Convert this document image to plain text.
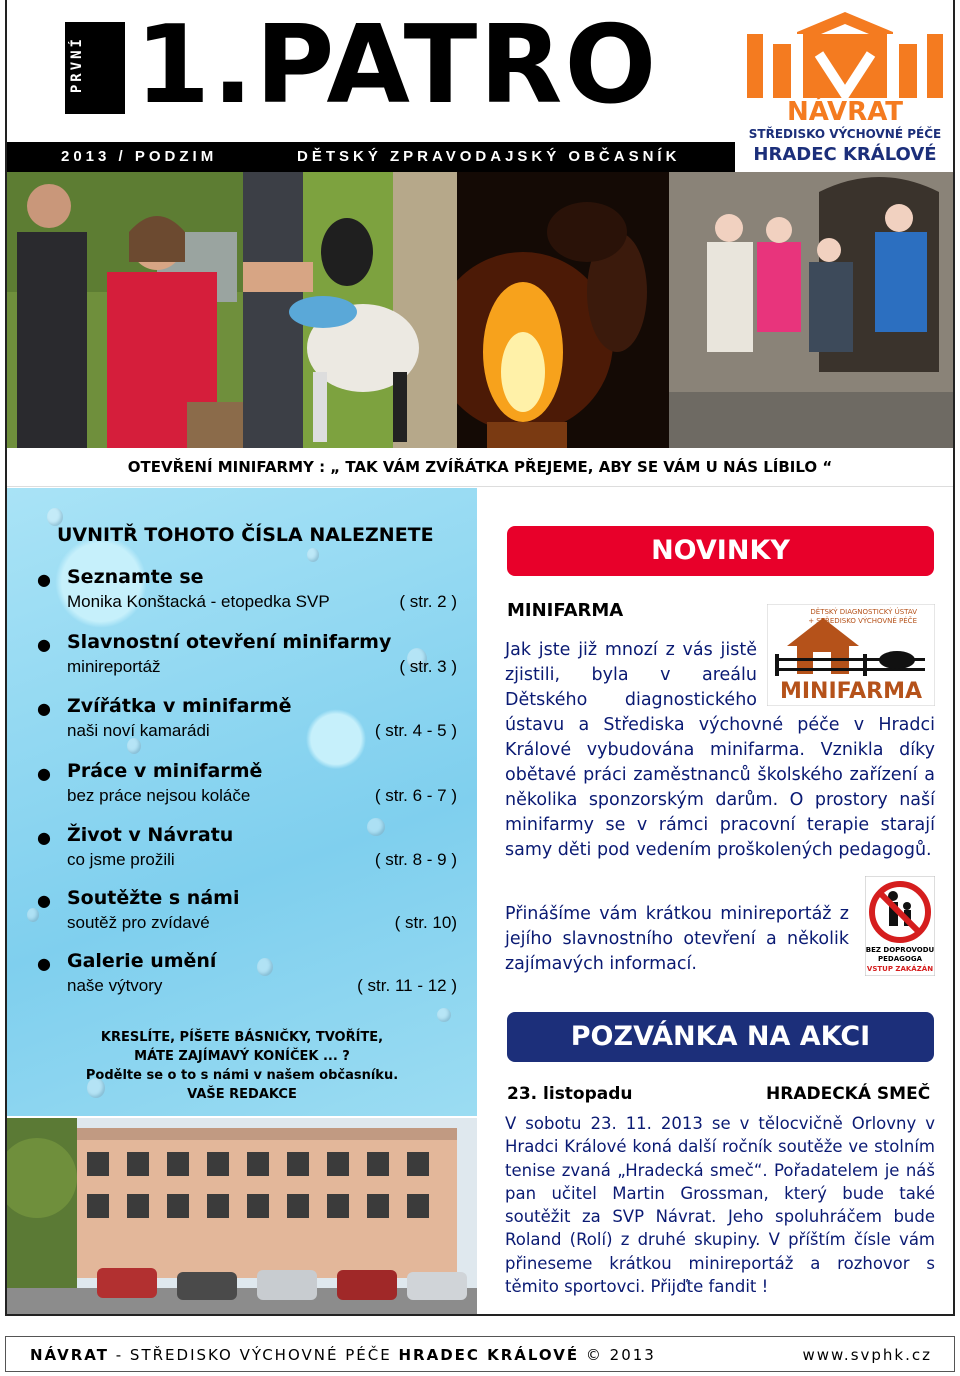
PRVNÍ 1.PATRO
2013 / PODZIM	DĚTSKÝ ZPRAVODAJSKÝ OBČASNÍK
NÁVRAT
STŘEDISKO VÝCHOVNÉ PÉČE
HRADEC KRÁLOVÉ
OTEVŘENÍ MINIFARMY : „ TAK VÁM ZVÍŘÁTKA PŘEJEME, ABY SE VÁM U NÁS LÍBILO “
UVNITŘ TOHOTO ČÍSLA NALEZNETE
● Seznamte se
Monika Konštacká - etopedka SVP	( str. 2 )
● Slavnostní otevření minifarmy
minireportáž	( str. 3 )
● Zvířátka v minifarmě
naši noví kamarádi	( str. 4 - 5 )
● Práce v minifarmě
bez práce nejsou koláče	( str. 6 - 7 )
● Život v Návratu
co jsme prožili	( str. 8 - 9 )
● Soutěžte s námi
soutěž pro zvídavé	( str. 10)
● Galerie umění
naše výtvory	( str. 11 - 12 )
KRESLÍTE, PÍŠETE BÁSNIČKY, TVOŘÍTE,
MÁTE ZAJÍMAVÝ KONÍČEK ... ?
Podělte se o to s námi v našem občasníku.
VAŠE REDAKCE
NOVINKY
MINIFARMA	DĚTSKÝ DIAGNOSTICKÝ ÚSTAV
+ STŘEDISKO VÝCHOVNÉ PÉČE
MINIFARMA
Jak jste již mnozí z vás jistě zjistili, byla v areálu Dětského diagnostického ústavu a Střediska výchovné péče v Hradci Králové vybudována minifarma. Vznikla díky obětavé práci zaměstnanců školského zařízení a několika sponzorským darům. O prostory naší minifarmy se v rámci pracovní terapie starají samy děti pod vedením proškolených pedagogů.
BEZ DOPROVODU
PEDAGOGA
VSTUP ZAKÁZÁN
Přinášíme vám krátkou minireportáž z jejího slavnostního otevření a několik zajímavých informací.
POZVÁNKA NA AKCI
23. listopadu	HRADECKÁ SMEČ
V sobotu 23. 11. 2013 se v tělocvičně Orlovny v Hradci Králové koná další ročník soutěže ve stolním tenise zvaná „Hradecká smeč“. Pořadatelem je náš pan učitel Martin Grossman, který bude také soutěžit za SVP Návrat. Jeho spoluhráčem bude Roland (Rolí) z druhé skupiny. V příštím čísle vám přineseme krátkou minireportáž a rozhovor s těmito sportovci. Přijďte fandit !
NÁVRAT - STŘEDISKO VÝCHOVNÉ PÉČE HRADEC KRÁLOVÉ © 2013	www.svphk.cz
